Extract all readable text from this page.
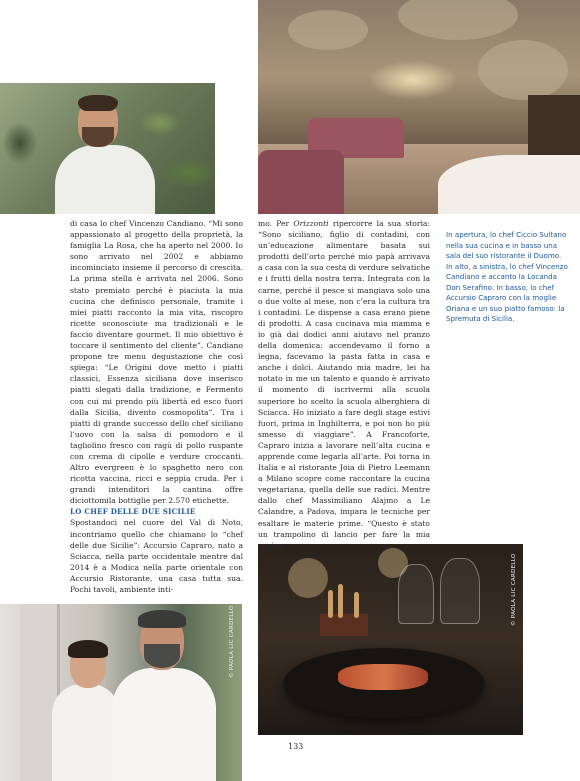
© PAOLA LIC CARDELLO
© PAOLA LIC CARDELLO

di casa lo chef Vincenzo Candiano. “Mi sono appassionato al progetto della proprietà, la famiglia La Rosa, che ha aperto nel 2000. Io sono arrivato nel 2002 e abbiamo incominciato insieme il percorso di crescita. La prima stella è arrivata nel 2006. Sono stato premiato perché è piaciuta la mia cucina che definisco personale, tramite i miei piatti racconto la mia vita, riscopro ricette sconosciute ma tradizionali e le faccio diventare gourmet. Il mio obiettivo è toccare il sentimento del cliente”. Candiano propone tre menu degustazione che così spiega: “Le Origini dove metto i piatti classici, Essenza siciliana dove inserisco piatti slegati dalla tradizione, e Fermento con cui mi prendo più libertà ed esco fuori dalla Sicilia, divento cosmopolita”. Tra i piatti di grande successo dello chef siciliano l’uovo con la salsa di pomodoro e il tagliolino fresco con ragù di pollo ruspante con crema di cipolle e verdure croccanti. Altro evergreen è lo spaghetto nero con ricotta vaccina, ricci e seppia cruda. Per i grandi intenditori la cantina offre diciottomila bottiglie per 2.570 etichette.

LO CHEF DELLE DUE SICILIE

Spostandoci nel cuore del Val di Noto, incontriamo quello che chiamano lo “chef delle due Sicilie”: Accursio Capraro, nato a Sciacca, nella parte occidentale mentre dal 2014 è a Modica nella parte orientale con Accursio Ristorante, una casa tutta sua. Pochi tavoli, ambiente inti-

mo. Per Orizzonti ripercorre la sua storia: “Sono siciliano, figlio di contadini, con un’educazione alimentare basata sui prodotti dell’orto perché mio papà arrivava a casa con la sua cesta di verdure selvatiche e i frutti della nostra terra. Integrata con la carne, perché il pesce si mangiava solo una o due volte al mese, non c’era la cultura tra i contadini. Le dispense a casa erano piene di prodotti. A casa cucinava mia mamma e io già dai dodici anni aiutavo nel pranzo della domenica: accendevamo il forno a legna, facevamo la pasta fatta in casa e anche i dolci. Aiutando mia madre, lei ha notato in me un talento e quando è arrivato il momento di iscrivermi alla scuola superiore ho scelto la scuola alberghiera di Sciacca. Ho iniziato a fare degli stage estivi fuori, prima in Inghilterra, e poi non ho più smesso di viaggiare”. A Francoforte, Capraro inizia a lavorare nell’alta cucina e apprende come legarla all’arte. Poi torna in Italia e al ristorante Joia di Pietro Leemann a Milano scopre come raccontare la cucina vegetariana, quella delle sue radici. Mentre dallo chef Massimiliano Alajmo a Le Calandre, a Padova, impara le tecniche per esaltare le materie prime. “Questo è stato un trampolino di lancio per fare la mia cucina –

In apertura, lo chef Ciccio Sultano nella sua cucina e in basso una sala del suo ristorante il Duomo.

In alto, a sinistra, lo chef Vincenzo Candiano e accanto la Locanda Don Serafino. In basso, lo chef Accursio Capraro con la moglie Oriana e un suo piatto famoso: la Spremuta di Sicilia.

133
